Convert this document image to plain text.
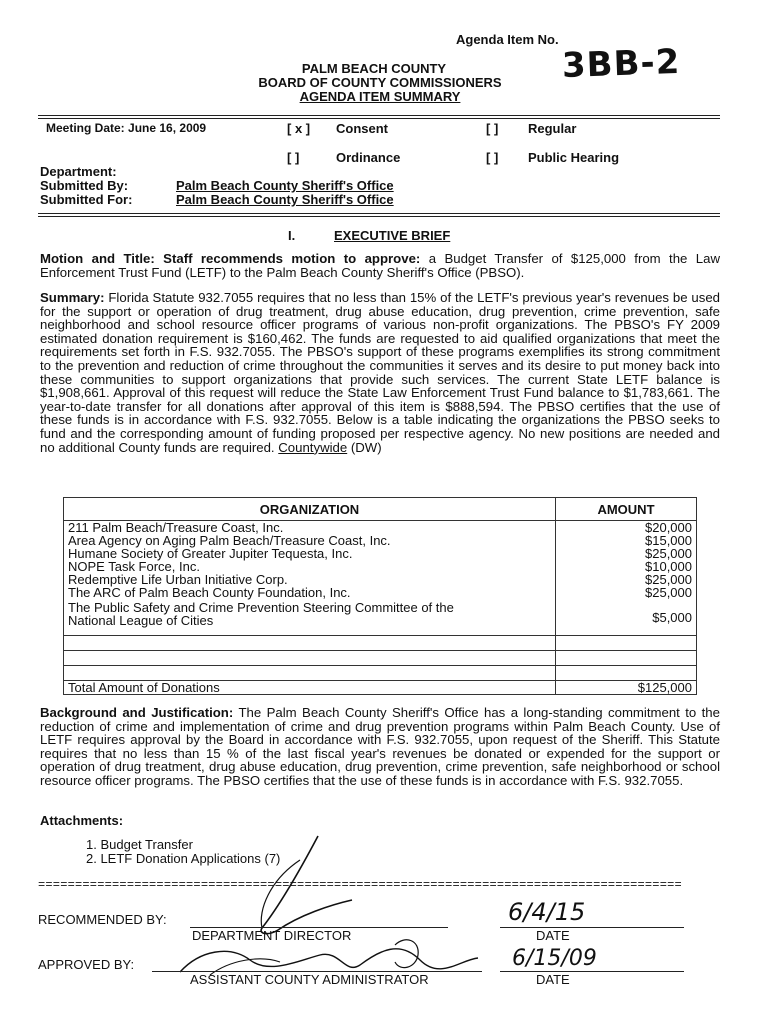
Agenda Item No.
3BB-2
PALM BEACH COUNTY
BOARD OF COUNTY COMMISSIONERS
AGENDA ITEM SUMMARY
Meeting Date: June 16, 2009	[ x ] Consent	[ ] Regular
[ ]	Ordinance	[ ] Public Hearing
Department:
Submitted By:	Palm Beach County Sheriff's Office
Submitted For:	Palm Beach County Sheriff's Office
I.	EXECUTIVE BRIEF
Motion and Title: Staff recommends motion to approve: a Budget Transfer of $125,000 from the Law Enforcement Trust Fund (LETF) to the Palm Beach County Sheriff's Office (PBSO).
Summary: Florida Statute 932.7055 requires that no less than 15% of the LETF's previous year's revenues be used for the support or operation of drug treatment, drug abuse education, drug prevention, crime prevention, safe neighborhood and school resource officer programs of various non-profit organizations. The PBSO's FY 2009 estimated donation requirement is $160,462. The funds are requested to aid qualified organizations that meet the requirements set forth in F.S. 932.7055. The PBSO's support of these programs exemplifies its strong commitment to the prevention and reduction of crime throughout the communities it serves and its desire to put money back into these communities to support organizations that provide such services. The current State LETF balance is $1,908,661. Approval of this request will reduce the State Law Enforcement Trust Fund balance to $1,783,661. The year-to-date transfer for all donations after approval of this item is $888,594. The PBSO certifies that the use of these funds is in accordance with F.S. 932.7055. Below is a table indicating the organizations the PBSO seeks to fund and the corresponding amount of funding proposed per respective agency. No new positions are needed and no additional County funds are required. Countywide (DW)
ORGANIZATION	AMOUNT
211 Palm Beach/Treasure Coast, Inc.	$20,000
Area Agency on Aging Palm Beach/Treasure Coast, Inc.	$15,000
Humane Society of Greater Jupiter Tequesta, Inc.	$25,000
NOPE Task Force, Inc.	$10,000
Redemptive Life Urban Initiative Corp.	$25,000
The ARC of Palm Beach County Foundation, Inc.	$25,000

The Public Safety and Crime Prevention Steering Committee of the
National League of Cities	$5,000

Total Amount of Donations	$125,000
Background and Justification: The Palm Beach County Sheriff's Office has a long-standing commitment to the reduction of crime and implementation of crime and drug prevention programs within Palm Beach County. Use of LETF requires approval by the Board in accordance with F.S. 932.7055, upon request of the Sheriff. This Statute requires that no less than 15 % of the last fiscal year's revenues be donated or expended for the support or operation of drug treatment, drug abuse education, drug prevention, crime prevention, safe neighborhood or school resource officer programs. The PBSO certifies that the use of these funds is in accordance with F.S. 932.7055.
Attachments:
1. Budget Transfer
2. LETF Donation Applications (7)
=======================================================================================
RECOMMENDED BY:
DEPARTMENT DIRECTOR
6/4/15
DATE
APPROVED BY:
ASSISTANT COUNTY ADMINISTRATOR
6/15/09
DATE
